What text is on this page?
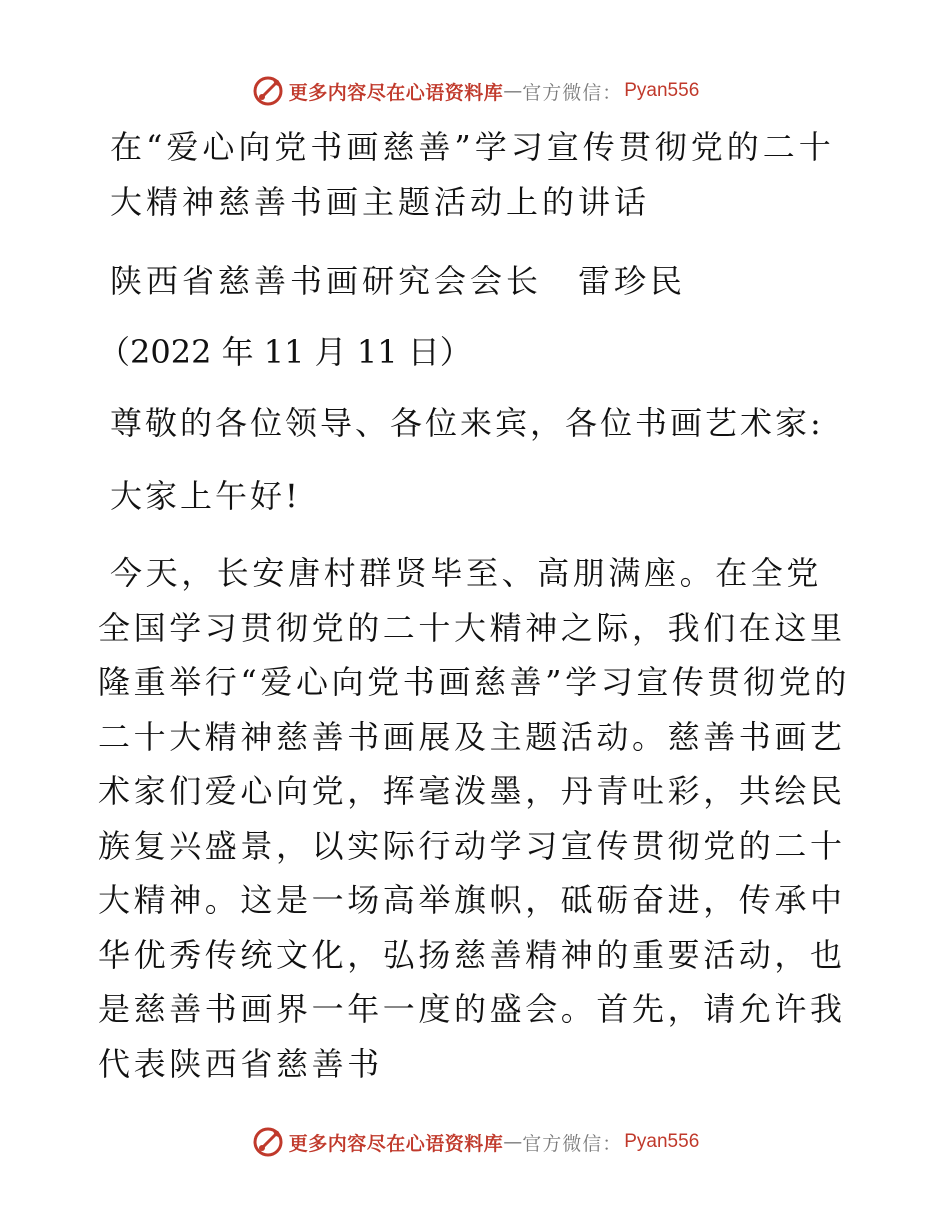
更多内容尽在心语资料库 — 官方微信： Pyan556

在“爱心向党书画慈善”学习宣传贯彻党的二十大精神慈善书画主题活动上的讲话

陕西省慈善书画研究会会长　雷珍民

（2022 年 11 月 11 日）

尊敬的各位领导、各位来宾，各位书画艺术家:

大家上午好!

今天，长安唐村群贤毕至、高朋满座。在全党全国学习贯彻党的二十大精神之际，我们在这里隆重举行“爱心向党书画慈善”学习宣传贯彻党的二十大精神慈善书画展及主题活动。慈善书画艺术家们爱心向党，挥毫泼墨，丹青吐彩，共绘民族复兴盛景，以实际行动学习宣传贯彻党的二十大精神。这是一场高举旗帜，砥砺奋进，传承中华优秀传统文化，弘扬慈善精神的重要活动，也是慈善书画界一年一度的盛会。首先，请允许我代表陕西省慈善书

更多内容尽在心语资料库 — 官方微信： Pyan556
